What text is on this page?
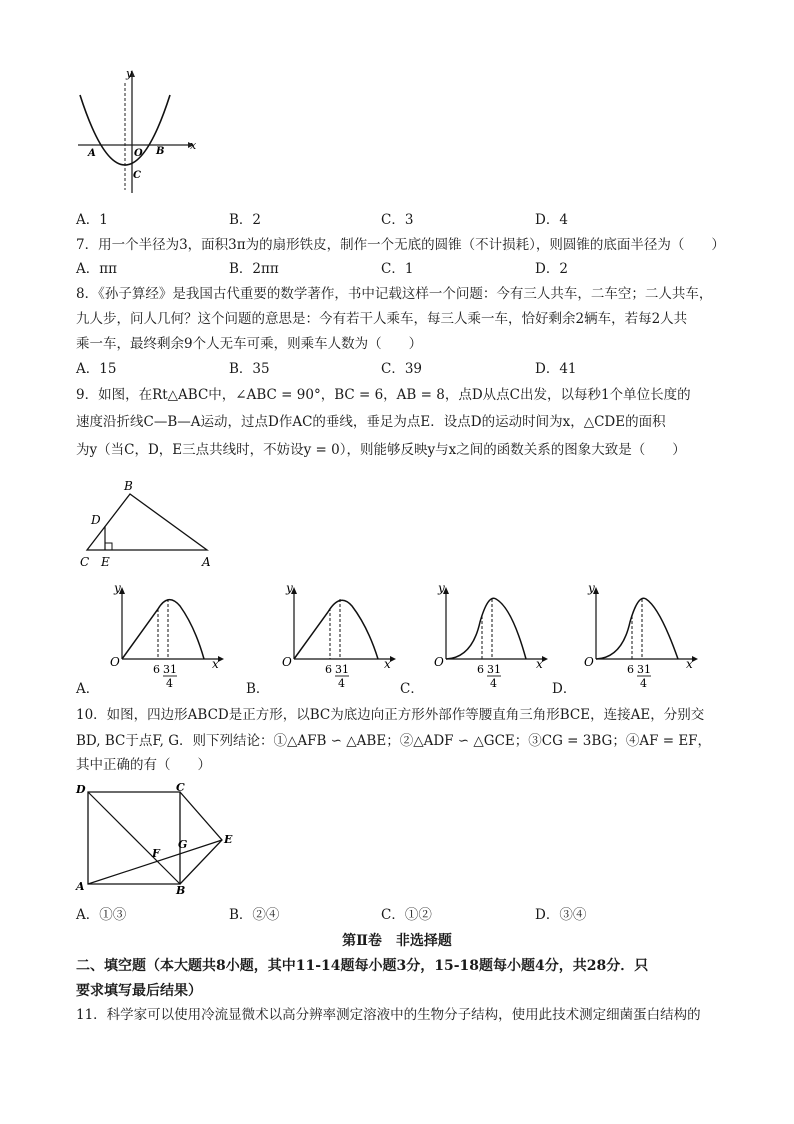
y
x
A	O B
C
A．1	B．2	C．3	D．4
7．用一个半径为3，面积3π为的扇形铁皮，制作一个无底的圆锥（不计损耗），则圆锥的底面半径为（　　）
A．ππ	B．2ππ	C．1	D．2
8．《孙子算经》是我国古代重要的数学著作，书中记载这样一个问题：今有三人共车，二车空；二人共车，
九人步，问人几何？这个问题的意思是：今有若干人乘车，每三人乘一车，恰好剩余2辆车，若每2人共
乘一车，最终剩余9个人无车可乘，则乘车人数为（　　）
A．15	B．35	C．39	D．41
9．如图，在Rt△ABC中，∠ABC = 90°，BC = 6，AB = 8，点D从点C出发，以每秒1个单位长度的
速度沿折线C—B—A运动，过点D作AC的垂线，垂足为点E．设点D的运动时间为x，△CDE的面积
为y（当C，D，E三点共线时，不妨设y = 0），则能够反映y与x之间的函数关系的图象大致是（　　）
B
D
C E	A
y
O	x
6 31
4
A．
y
O	x
6 31
4
B．
y
O	x
6 31
4
C．
y
O	x
6 31
4
D．
10．如图，四边形ABCD是正方形，以BC为底边向正方形外部作等腰直角三角形BCE，连接AE，分别交
BD, BC于点F, G．则下列结论：①△AFB ∽ △ABE；②△ADF ∽ △GCE；③CG = 3BG；④AF = EF，
其中正确的有（　　）
D	C
E
F
G
A	B
A．①③	B．②④	C．①②	D．③④
第Ⅱ卷　非选择题
二、填空题（本大题共8小题，其中11-14题每小题3分，15-18题每小题4分，共28分．只
要求填写最后结果）
11．科学家可以使用冷流显微术以高分辨率测定溶液中的生物分子结构，使用此技术测定细菌蛋白结构的
